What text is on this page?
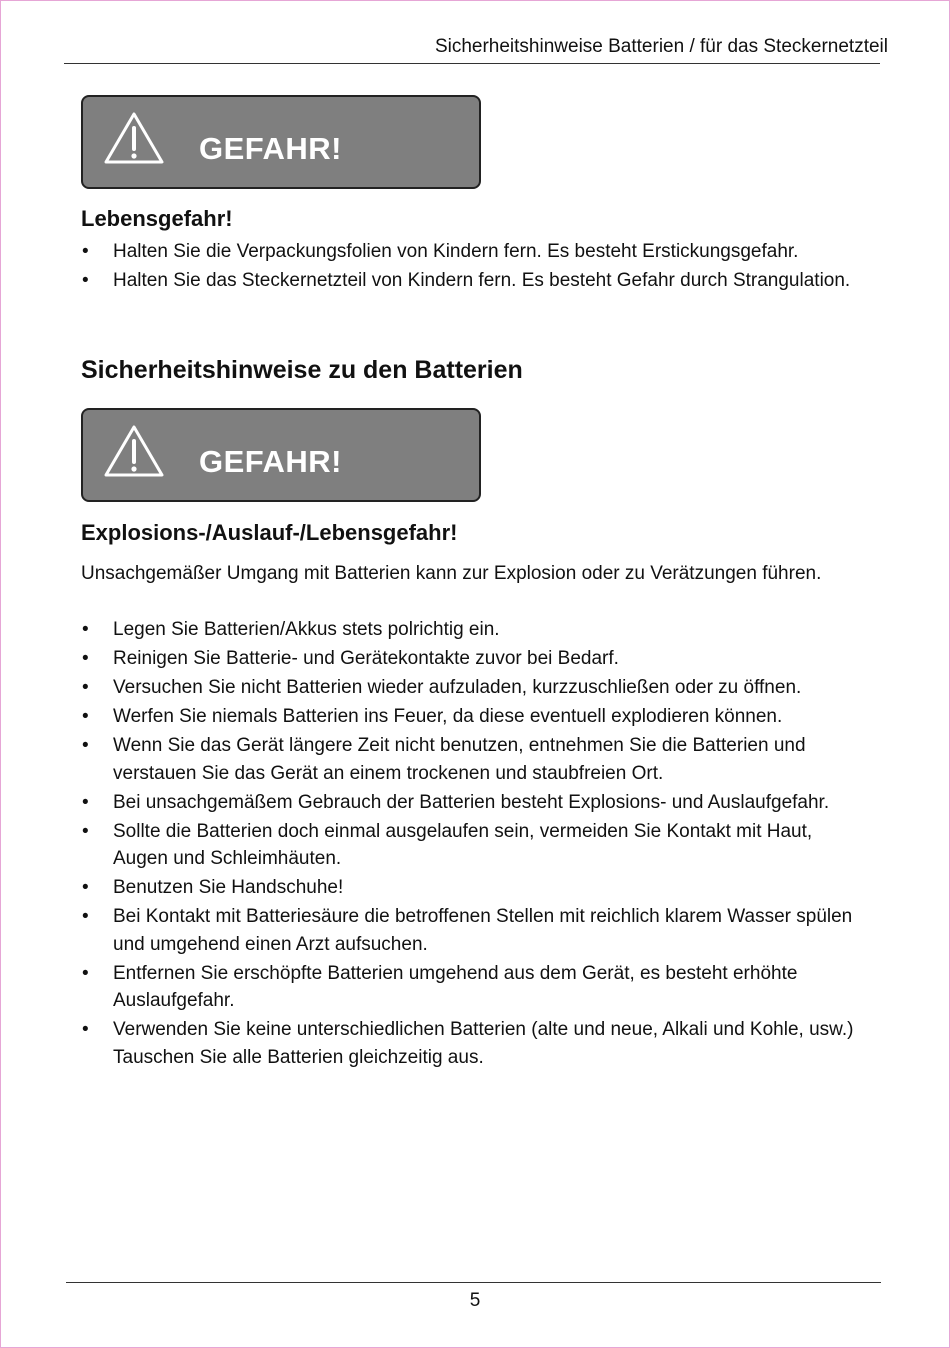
Sicherheitshinweise Batterien / für das Steckernetzteil
GEFAHR!
Lebensgefahr!
• Halten Sie die Verpackungsfolien von Kindern fern. Es besteht Erstickungsgefahr.
• Halten Sie das Steckernetzteil von Kindern fern. Es besteht Gefahr durch Strangulation.
Sicherheitshinweise zu den Batterien
GEFAHR!
Explosions-/Auslauf-/Lebensgefahr!
Unsachgemäßer Umgang mit Batterien kann zur Explosion oder zu Verätzungen führen.
• Legen Sie Batterien/Akkus stets polrichtig ein.
• Reinigen Sie Batterie- und Gerätekontakte zuvor bei Bedarf.
• Versuchen Sie nicht Batterien wieder aufzuladen, kurzzuschließen oder zu öffnen.
• Werfen Sie niemals Batterien ins Feuer, da diese eventuell explodieren können.
• Wenn Sie das Gerät längere Zeit nicht benutzen, entnehmen Sie die Batterien und verstauen Sie das Gerät an einem trockenen und staubfreien Ort.
• Bei unsachgemäßem Gebrauch der Batterien besteht Explosions- und Auslaufgefahr.
• Sollte die Batterien doch einmal ausgelaufen sein, vermeiden Sie Kontakt mit Haut, Augen und Schleimhäuten.
• Benutzen Sie Handschuhe!
• Bei Kontakt mit Batteriesäure die betroffenen Stellen mit reichlich klarem Wasser spülen und umgehend einen Arzt aufsuchen.
• Entfernen Sie erschöpfte Batterien umgehend aus dem Gerät, es besteht erhöhte Auslaufgefahr.
• Verwenden Sie keine unterschiedlichen Batterien (alte und neue, Alkali und Kohle, usw.) Tauschen Sie alle Batterien gleichzeitig aus.
5
